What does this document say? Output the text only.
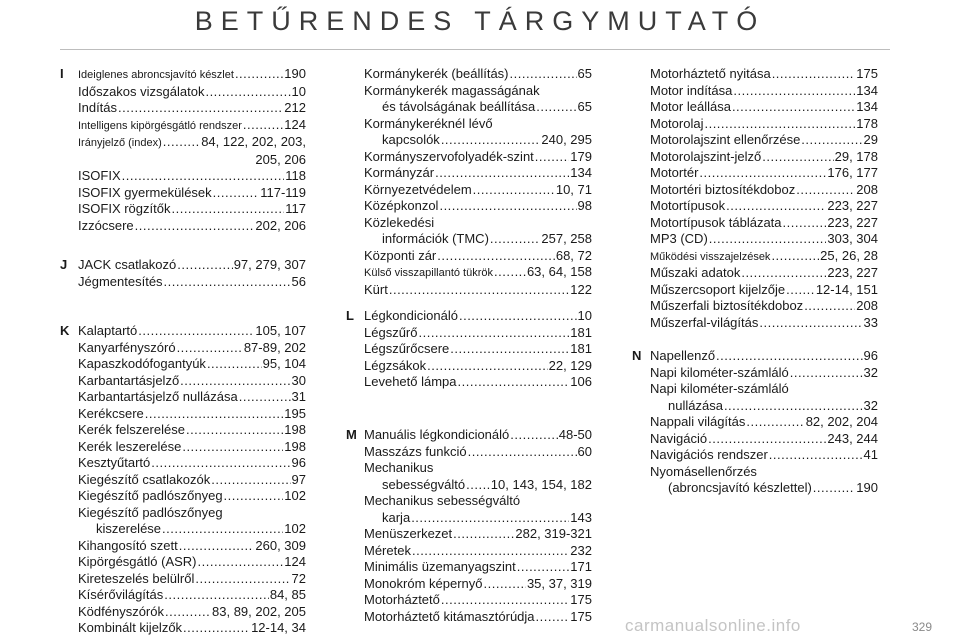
BETŰRENDES TÁRGYMUTATÓ
I Ideiglenes abroncsjavító készlet .....	190
Időszakos vizsgálatok .....	10
Indítás .....	212
Intelligens kipörgésgátló rendszer .....	124
Irányjelző (index) .....	84, 122, 202, 203,
205, 206
ISOFIX .....	118
ISOFIX gyermekülések .....	117-119
ISOFIX rögzítők .....	117
Izzócsere .....	202, 206
J JACK csatlakozó .....	97, 279, 307
Jégmentesítés .....	56
K Kalaptartó .....	105, 107
Kanyarfényszóró .....	87-89, 202
Kapaszkodófogantyúk .....	95, 104
Karbantartásjelző .....	30
Karbantartásjelző nullázása .....	31
Kerékcsere .....	195
Kerék felszerelése .....	198
Kerék leszerelése .....	198
Kesztyűtartó .....	96
Kiegészítő csatlakozók .....	97
Kiegészítő padlószőnyeg .....	102
Kiegészítő padlószőnyeg
kiszerelése .....	102
Kihangosító szett .....	260, 309
Kipörgésgátló (ASR) .....	124
Kireteszelés belülről .....	72
Kísérővilágítás .....	84, 85
Ködfényszórók .....	83, 89, 202, 205
Kombinált kijelzők .....	12-14, 34
Kormánykerék (beállítás) .....	65
Kormánykerék magasságának
és távolságának beállítása .....	65
Kormánykeréknél lévő
kapcsolók .....	240, 295
Kormányszervofolyadék-szint .....	179
Kormányzár .....	134
Környezetvédelem .....	10, 71
Középkonzol .....	98
Közlekedési
információk (TMC) .....	257, 258
Központi zár .....	68, 72
Külső visszapillantó tükrök .....	63, 64, 158
Kürt .....	122
L Légkondicionáló .....	10
Légszűrő .....	181
Légszűrőcsere .....	181
Légzsákok .....	22, 129
Levehető lámpa .....	106
M Manuális légkondicionáló .....	48-50
Masszázs funkció .....	60
Mechanikus
sebességváltó ..... 10, 143, 154, 182
Mechanikus sebességváltó
karja .....	143
Menüszerkezet .....	282, 319-321
Méretek .....	232
Minimális üzemanyagszint .....	171
Monokróm képernyő .....	35, 37, 319
Motorháztető .....	175
Motorháztető kitámasztórúdja .....	175
Motorháztető nyitása .....	175
Motor indítása .....	134
Motor leállása .....	134
Motorolaj .....	178
Motorolajszint ellenőrzése .....	29
Motorolajszint-jelző .....	29, 178
Motortér .....	176, 177
Motortéri biztosítékdoboz .....	208
Motortípusok .....	223, 227
Motortípusok táblázata .....	223, 227
MP3 (CD) .....	303, 304
Működési visszajelzések .....	25, 26, 28
Műszaki adatok .....	223, 227
Műszercsoport kijelzője ..... 12-14, 151
Műszerfali biztosítékdoboz .....	208
Műszerfal-világítás .....	33
N Napellenző .....	96
Napi kilométer-számláló .....	32
Napi kilométer-számláló
nullázása .....	32
Nappali világítás .....	82, 202, 204
Navigáció .....	243, 244
Navigációs rendszer .....	41
Nyomásellenőrzés
(abroncsjavító készlettel) .....	190
carmanualsonline.info	329
